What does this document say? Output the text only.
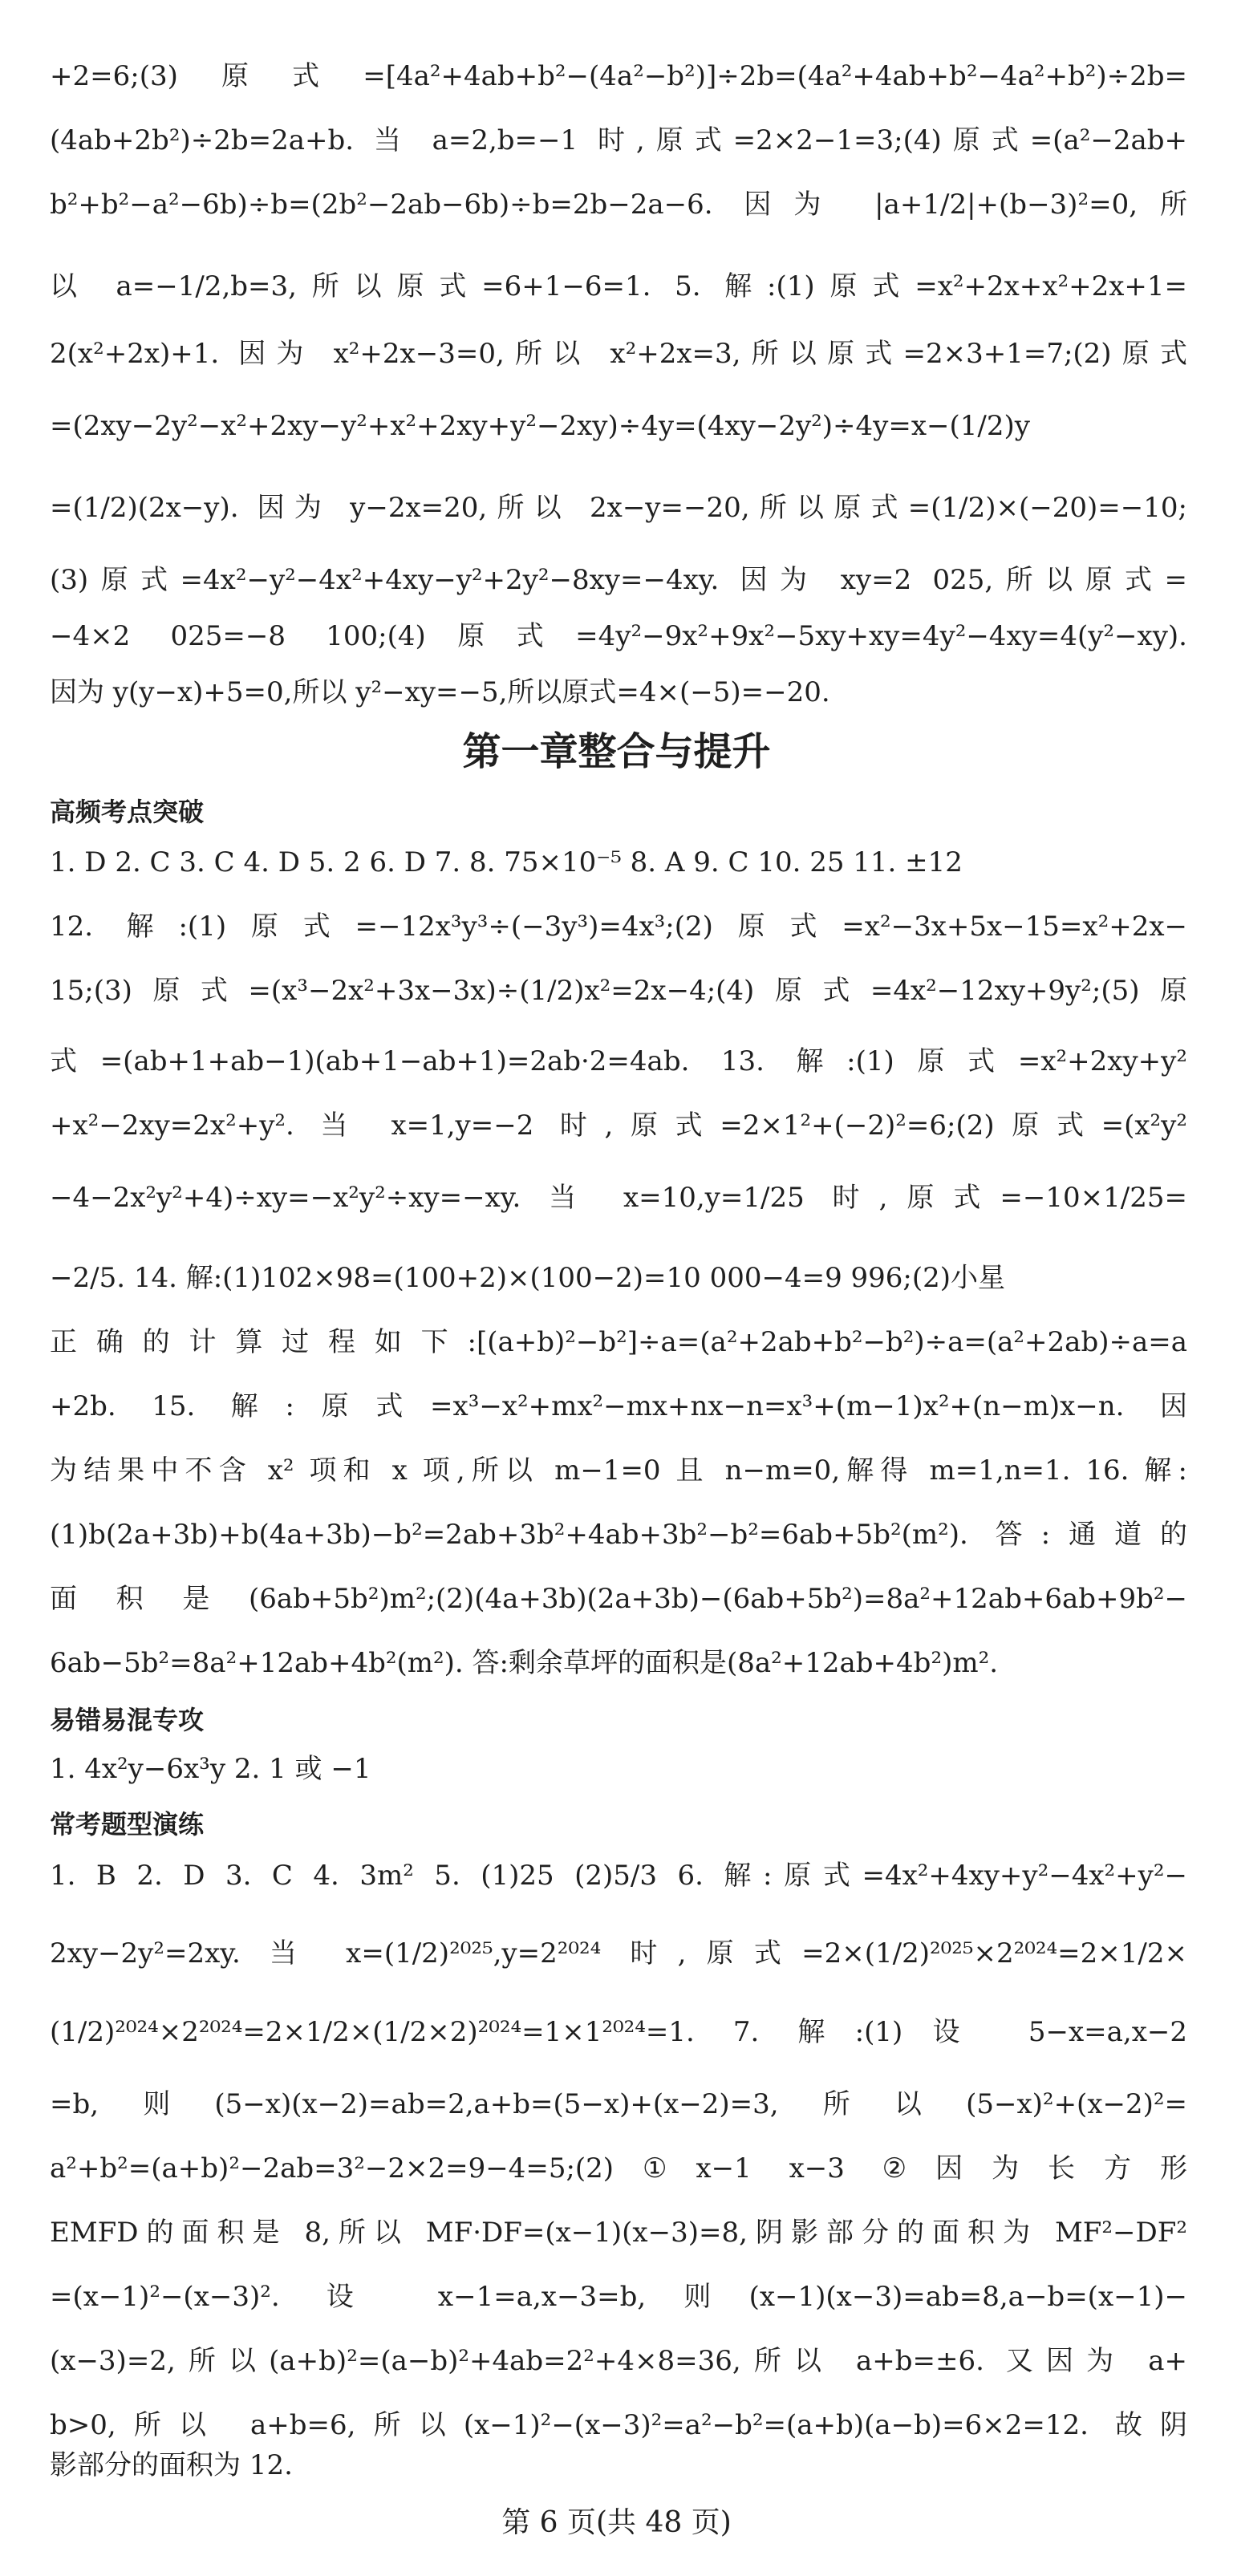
+2=6;(3)原式=[4a²+4ab+b²−(4a²−b²)]÷2b=(4a²+4ab+b²−4a²+b²)÷2b=
(4ab+2b²)÷2b=2a+b. 当 a=2,b=−1 时,原式=2×2−1=3;(4)原式=(a²−2ab+
b²+b²−a²−6b)÷b=(2b²−2ab−6b)÷b=2b−2a−6. 因为 |a+1/2|+(b−3)²=0,所
以 a=−1/2,b=3,所以原式=6+1−6=1. 5. 解:(1)原式=x²+2x+x²+2x+1=
2(x²+2x)+1. 因为 x²+2x−3=0,所以 x²+2x=3,所以原式=2×3+1=7;(2)原式
=(2xy−2y²−x²+2xy−y²+x²+2xy+y²−2xy)÷4y=(4xy−2y²)÷4y=x−(1/2)y
=(1/2)(2x−y). 因为 y−2x=20,所以 2x−y=−20,所以原式=(1/2)×(−20)=−10;
(3)原式=4x²−y²−4x²+4xy−y²+2y²−8xy=−4xy. 因为 xy=2 025,所以原式=
−4×2 025=−8 100;(4)原式=4y²−9x²+9x²−5xy+xy=4y²−4xy=4(y²−xy).
因为 y(y−x)+5=0,所以 y²−xy=−5,所以原式=4×(−5)=−20.
第一章整合与提升
高频考点突破
1. D 2. C 3. C 4. D 5. 2 6. D 7. 8. 75×10⁻⁵ 8. A 9. C 10. 25 11. ±12
12. 解:(1)原式=−12x³y³÷(−3y³)=4x³;(2)原式=x²−3x+5x−15=x²+2x−
15;(3)原式=(x³−2x²+3x−3x)÷(1/2)x²=2x−4;(4)原式=4x²−12xy+9y²;(5)原
式=(ab+1+ab−1)(ab+1−ab+1)=2ab·2=4ab. 13. 解:(1)原式=x²+2xy+y²
+x²−2xy=2x²+y². 当 x=1,y=−2 时,原式=2×1²+(−2)²=6;(2)原式=(x²y²
−4−2x²y²+4)÷xy=−x²y²÷xy=−xy. 当 x=10,y=1/25 时,原式=−10×1/25=
−2/5. 14. 解:(1)102×98=(100+2)×(100−2)=10 000−4=9 996;(2)小星
正确的计算过程如下:[(a+b)²−b²]÷a=(a²+2ab+b²−b²)÷a=(a²+2ab)÷a=a
+2b. 15. 解:原式=x³−x²+mx²−mx+nx−n=x³+(m−1)x²+(n−m)x−n. 因
为结果中不含 x² 项和 x 项,所以 m−1=0 且 n−m=0,解得 m=1,n=1. 16. 解:
(1)b(2a+3b)+b(4a+3b)−b²=2ab+3b²+4ab+3b²−b²=6ab+5b²(m²). 答:通道的
面积是(6ab+5b²)m²;(2)(4a+3b)(2a+3b)−(6ab+5b²)=8a²+12ab+6ab+9b²−
6ab−5b²=8a²+12ab+4b²(m²). 答:剩余草坪的面积是(8a²+12ab+4b²)m².
易错易混专攻
1. 4x²y−6x³y 2. 1 或 −1
常考题型演练
1. B 2. D 3. C 4. 3m² 5. (1)25 (2)5/3 6. 解:原式=4x²+4xy+y²−4x²+y²−
2xy−2y²=2xy. 当 x=(1/2)²⁰²⁵,y=2²⁰²⁴ 时,原式=2×(1/2)²⁰²⁵×2²⁰²⁴=2×1/2×
(1/2)²⁰²⁴×2²⁰²⁴=2×1/2×(1/2×2)²⁰²⁴=1×1²⁰²⁴=1. 7. 解:(1)设 5−x=a,x−2
=b,则(5−x)(x−2)=ab=2,a+b=(5−x)+(x−2)=3,所以(5−x)²+(x−2)²=
a²+b²=(a+b)²−2ab=3²−2×2=9−4=5;(2)①x−1 x−3 ②因为长方形
EMFD的面积是 8,所以 MF·DF=(x−1)(x−3)=8,阴影部分的面积为 MF²−DF²
=(x−1)²−(x−3)². 设 x−1=a,x−3=b,则(x−1)(x−3)=ab=8,a−b=(x−1)−
(x−3)=2,所以(a+b)²=(a−b)²+4ab=2²+4×8=36,所以 a+b=±6. 又因为 a+
b>0,所以 a+b=6,所以(x−1)²−(x−3)²=a²−b²=(a+b)(a−b)=6×2=12. 故阴
影部分的面积为 12.
第 6 页(共 48 页)
